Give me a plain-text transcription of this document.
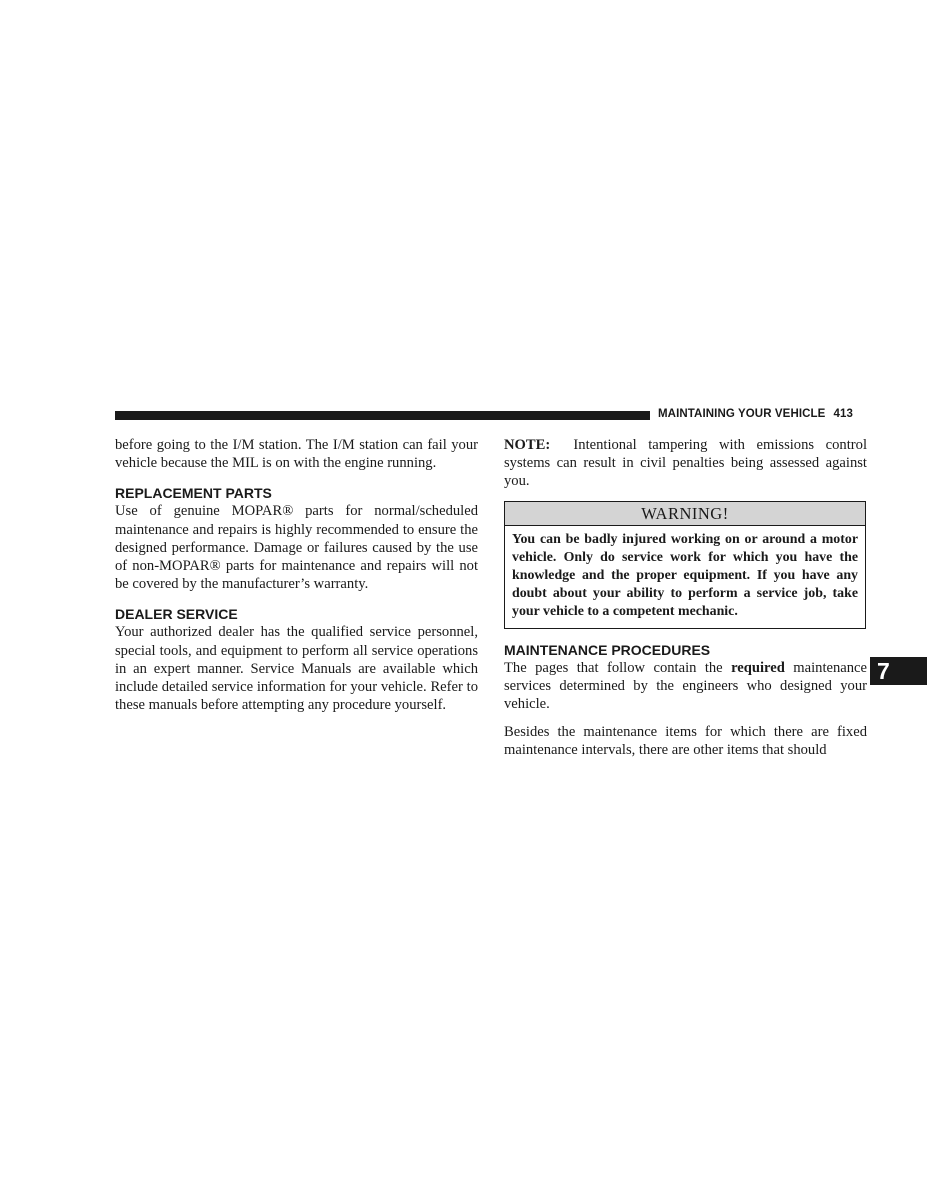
MAINTAINING YOUR VEHICLE 413

before going to the I/M station. The I/M station can fail your vehicle because the MIL is on with the engine running.

REPLACEMENT PARTS

Use of genuine MOPAR® parts for normal/scheduled maintenance and repairs is highly recommended to ensure the designed performance. Damage or failures caused by the use of non-MOPAR® parts for maintenance and repairs will not be covered by the manufacturer’s warranty.

DEALER SERVICE

Your authorized dealer has the qualified service personnel, special tools, and equipment to perform all service operations in an expert manner. Service Manuals are available which include detailed service information for your vehicle. Refer to these manuals before attempting any procedure yourself.

NOTE: Intentional tampering with emissions control systems can result in civil penalties being assessed against you.

WARNING!
You can be badly injured working on or around a motor vehicle. Only do service work for which you have the knowledge and the proper equipment. If you have any doubt about your ability to perform a service job, take your vehicle to a competent mechanic.
MAINTENANCE PROCEDURES

The pages that follow contain the required maintenance services determined by the engineers who designed your vehicle.

Besides the maintenance items for which there are fixed maintenance intervals, there are other items that should

7
